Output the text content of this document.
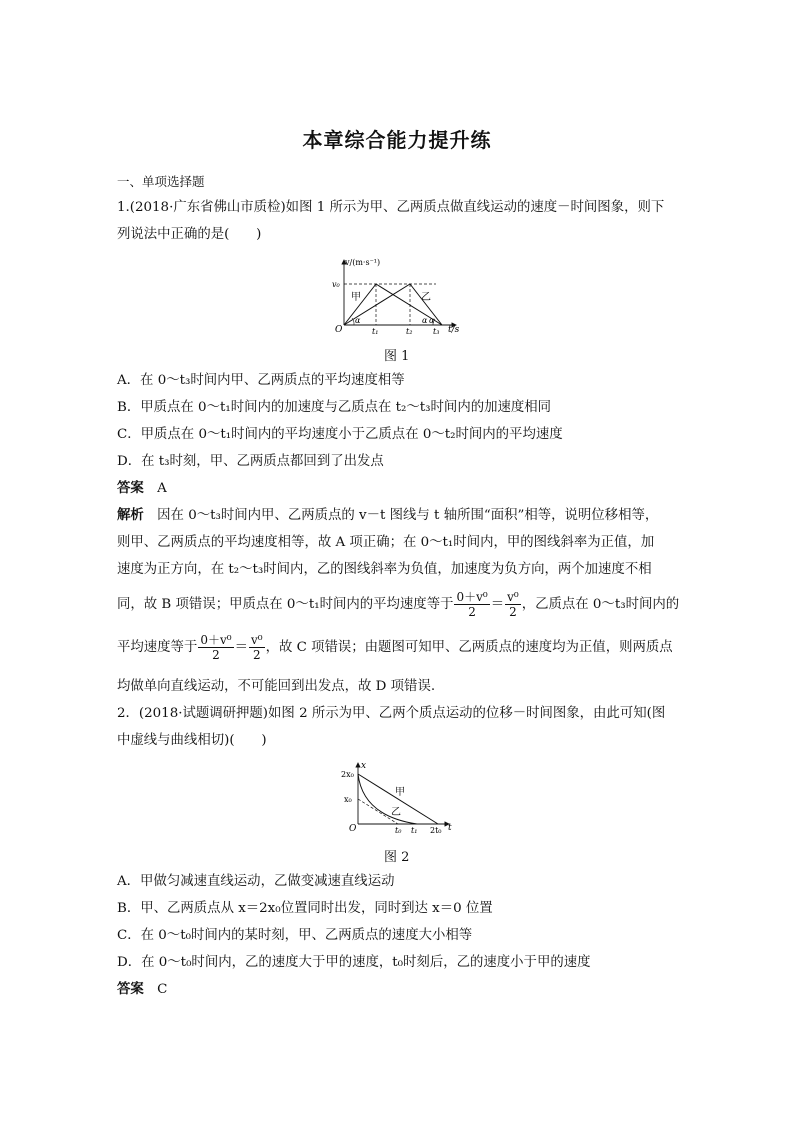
本章综合能力提升练
一、单项选择题
1.(2018·广东省佛山市质检)如图 1 所示为甲、乙两质点做直线运动的速度－时间图象，则下
列说法中正确的是(　　)
v/(m·s⁻¹)
v₀
O
甲	乙
α	α α
t₁	t₂	t₃ t/s
图 1
A．在 0～t₃时间内甲、乙两质点的平均速度相等
B．甲质点在 0～t₁时间内的加速度与乙质点在 t₂～t₃时间内的加速度相同
C．甲质点在 0～t₁时间内的平均速度小于乙质点在 0～t₂时间内的平均速度
D．在 t₃时刻，甲、乙两质点都回到了出发点
答案　 A
解析　 因在 0～t₃时间内甲、乙两质点的 v－t 图线与 t 轴所围“面积”相等，说明位移相等，
则甲、乙两质点的平均速度相等，故 A 项正确；在 0～t₁时间内，甲的图线斜率为正值，加
速度为正方向，在 t₂～t₃时间内，乙的图线斜率为负值，加速度为负方向，两个加速度不相
同，故 B 项错误；甲质点在 0～t₁时间内的平均速度等于 $\frac{\text{0＋v⁰}}{2} = \frac{\text{v⁰}}{2}$ ，乙质点在 0～t₃时间内的
平均速度等于 $\frac{\text{0＋v⁰}}{2} = \frac{\text{v⁰}}{2}$ ，故 C 项错误；由题图可知甲、乙两质点的速度均为正值，则两质点
均做单向直线运动，不可能回到出发点，故 D 项错误.
2．(2018·试题调研押题)如图 2 所示为甲、乙两个质点运动的位移－时间图象，由此可知(图
中虚线与曲线相切)(　　)
x
2x₀
x₀
O
甲
乙
t₀ t₁ 2t₀ t
图 2
A．甲做匀减速直线运动，乙做变减速直线运动
B．甲、乙两质点从 x＝2x₀位置同时出发，同时到达 x＝0 位置
C．在 0～t₀时间内的某时刻，甲、乙两质点的速度大小相等
D．在 0～t₀时间内，乙的速度大于甲的速度，t₀时刻后，乙的速度小于甲的速度
答案　 C
